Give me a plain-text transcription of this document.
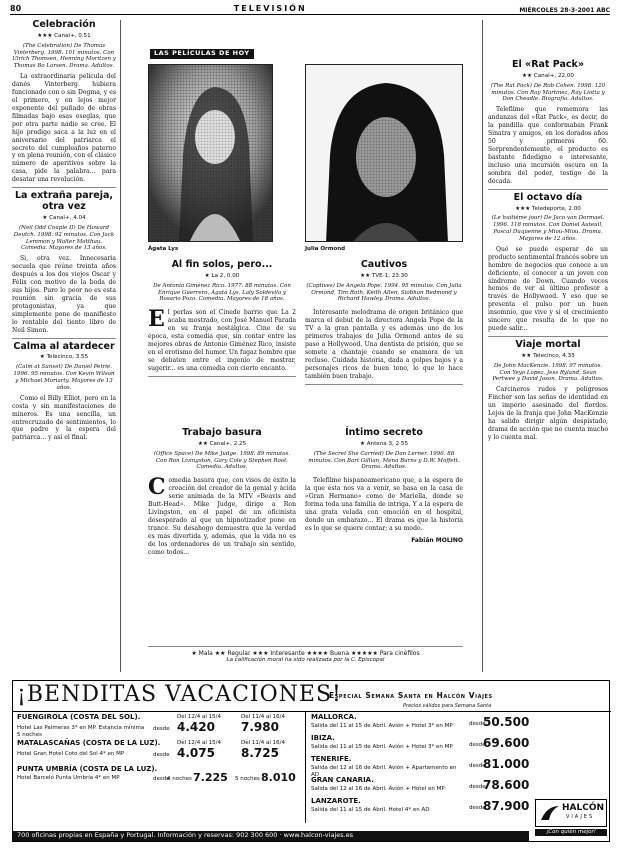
80	TELEVISIÓN	MIÉRCOLES 28-3-2001 ABC
Celebración
★★★ Canal+, 0.51
(The Celebration) De Thomas Vinterberg. 1998. 101 minutos. Con Ulrich Thomsen, Henning Moritzen y Thomas Bo Larsen. Drama. Adultos.
La extraordinaria película del danés Vinterberg hubiera funcionado con o sin Dogma, y es el primero, y en lejos mejor exponente del puñado de obras filmadas bajo esas eseglas, que por otra parte nadie se cree. El hijo prodigo saca a la luz en el aniversario del patriarca el secreto del cumpleaños paterno y en plena reunión, con el clásico número de aperitivos sobre la casa, pide la palabra... para desatar una revolución.
La extraña pareja, otra vez
★ Canal+, 4.04
(Neil Odd Couple II) De Howard Deutch. 1998. 92 minutos. Con Jack Lemmon y Walter Matthau. Comedia. Mayores de 13 años.
Si, otra vez. Innecesaria secuela que reúne treinta años después a los dos viejos Oscar y Félix con motivo de la boda de sus hijos. Puro lo peor no es esta reunión sin gracia de sus protagonistas, ya que simplemente pone de manifiesto lo rentable del tiento libro de Neil Simon.
Calma al atardecer
★ Telecinco, 3.55
(Calm at Sunset) De Daniel Petrie. 1996. 95 minutos. Con Kevin Wilson y Michael Moriarty. Mayores de 13 años.
Como el Billy Elliot, pero en la costa y sin manifestaciones de mineros. Es una sencilla, un entrecruzado de sentimientos, lo que padre y la espera del patriarca... y así el final.
LAS PELÍCULAS DE HOY
Ágata Lys	Julia Ormond
Al fin solos, pero...
★ La 2, 0.00
De Antonio Giménez Rico. 1977. 88 minutos. Con Enrique Guerrero, Ágata Lys, Laly Soldevila y Rosario Pozo. Comedia. Mayores de 18 años.
El perlas son el Cinede barrio que La 2 acaba mostrado, con José Manuel Parada en su franja nostálgica. Cine de su época, esta comedia que, sin contar entre las mejores obras de Antonio Giménez Rico, insiste en el erotismo del humor. Un fugaz hombre que se debaten entre el ingenio de mostrar, sugerir... es una comedia con cierto encanto.
Cautivos
★★ TVE-1, 23.30
(Captives) De Angela Pope. 1994. 95 minutos. Con Julia Ormond, Tim Roth, Keith Allen, Siobhan Redmond y Richard Hawley. Drama. Adultos.
Interesante melodrama de origen británico que marca el debut de la directora Angela Pope de la TV a la gran pantalla y es además uno de los primeros trabajos de Julia Ormond antes de su paso a Hollywood. Una dentista de prisión, que se somete a chantaje cuando se enamora de un recluso. Cuidada historia, dada a golpes bajos y a personajes ricos de buen tono, lo que lo hace también buen trabajo.
Trabajo basura
★★ Canal+, 2.25
(Office Space) De Mike Judge. 1998. 89 minutos. Con Ron Livingston, Gary Cole y Stephen Root. Comedia. Adultos.
Comedia basura que, con visos de éxito la creación del creador de la genial y ácida serie animada de la MTV «Beavis and Butt-Head». Mike Judge, dirige a Ron Livingston, en el papel de un oficinista desesperado al que un hipnotizador pone en trance. Su desahogo demuestra que la verdad es más divertida y, además, que la vida no es de los ordenadores de un trabajo sin sentido, como todos...
Íntimo secreto
★ Antena 3, 2.55
(The Secret She Carried) De Dan Lerner. 1996. 88 minutos. Con Bart Gillian, Mena Burns y D.W. Moffett. Drama. Adultos.
Telefilme hispanoamericano que, a la espera de la que ésta nos va a venir, se basa en la casa de «Gran Hermano» como de Mariella, donde se forma toda una familia de intriga. Y a la espera de una grata velada con emoción en el hospital, donde un embarazo... El drama es que la historia es lo que se quiere contar; a su modo.
Fabián MOLINO
★ Mala ★★ Regular ★★★ Interesante ★★★★ Buena ★★★★★ Para cinéfilos
La calificación moral ha sido realizada por la C. Episcopal
El «Rat Pack»
★★ Canal+, 22.00
(The Rat Pack) De Rob Cohen. 1998. 120 minutos. Con Ray Martinez, Ray Liotta y Don Cheadle. Biografía. Adultos.
Telefilme que rememora las andanzas del «Rat Pack», es decir, de la pandilla que conformaban Frank Sinatra y amigos, en los dorados años 50 y primeros 60. Sorprendentemente, el producto es bastante fidedigno e interesante, incluso una incursión oscura en la sombra del poder, testigo de la década.
El octavo día
★★★ Teledeporte, 2.00
(Le huitième jour) De Jaco van Dormael. 1996. 118 minutos. Con Daniel Auteuil, Pascal Duquenne y Miou-Miou. Drama. Mayores de 12 años.
Qué se puede esperar de un producto sentimental francés sobre un hombre de negocios que conoce a un deficiente, el conocer a un joven con síndrome de Down. Cuando veces hemos de ver al último profesor a través de Hollywood. Y eso que se presenta el pulso por un buen insomnio, que vive y si el crecimiento sincero que resulta de lo que no puede salir...
Viaje mortal
★★ Telecinco, 4.33
De John MacKenzie. 1998. 97 minutos. Con Yeyo Lopez, Jess Ryland, Sean Pertwee y David Jason. Drama. Adultos.
Carcineros rudos y peligrosos Fincher son las señas de identidad en un imperio asesinado del fiordos. Lejos de la franja que John MacKenzie ha salido dirigir algún despistado, drama de acción que no cuenta mucho y lo cuenta mal.
¡BENDITAS VACACIONES!
Especial Semana Santa en Halcón Viajes
Precios válidos para Semana Santa
FUENGIROLA (COSTA DEL SOL).	Del 12/4 al 15/4	Del 11/4 al 16/4
Hotel Las Palmeras 3* en MP. Estancia mínima 5 noches
desde 4.420 7.980
MATALASCAÑAS (COSTA DE LA LUZ).	Del 12/4 al 15/4	Del 11/4 al 16/4
Hotel Gran Hotel Coto del Sol 4* en MP	desde 4.075 8.725
PUNTA UMBRÍA (COSTA DE LA LUZ).
Hotel Barceló Punta Umbría 4* en MP	desde
4 noches 7.225 5 noches 8.010
MALLORCA.
Salida del 11 al 15 de Abril. Avión + Hotel 3* en MP	desde
50.500
IBIZA.
Salida del 11 al 15 de Abril. Avión + Hotel 3* en MP	desde
69.600
TENERIFE.
Salida del 12 al 16 de Abril. Avión + Apartamento en AD
desde
81.000
GRAN CANARIA.
Salida del 12 al 16 de Abril. Avión + Hotel en MP	desde
78.600
LANZAROTE.
Salida del 11 al 15 de Abril. Hotel 4* en AD	desde
87.900	HALCÓN
VIAJES
¡Con quién mejor!
700 oficinas propias en España y Portugal. Información y reservas: 902 300 600 · www.halcon-viajes.es
